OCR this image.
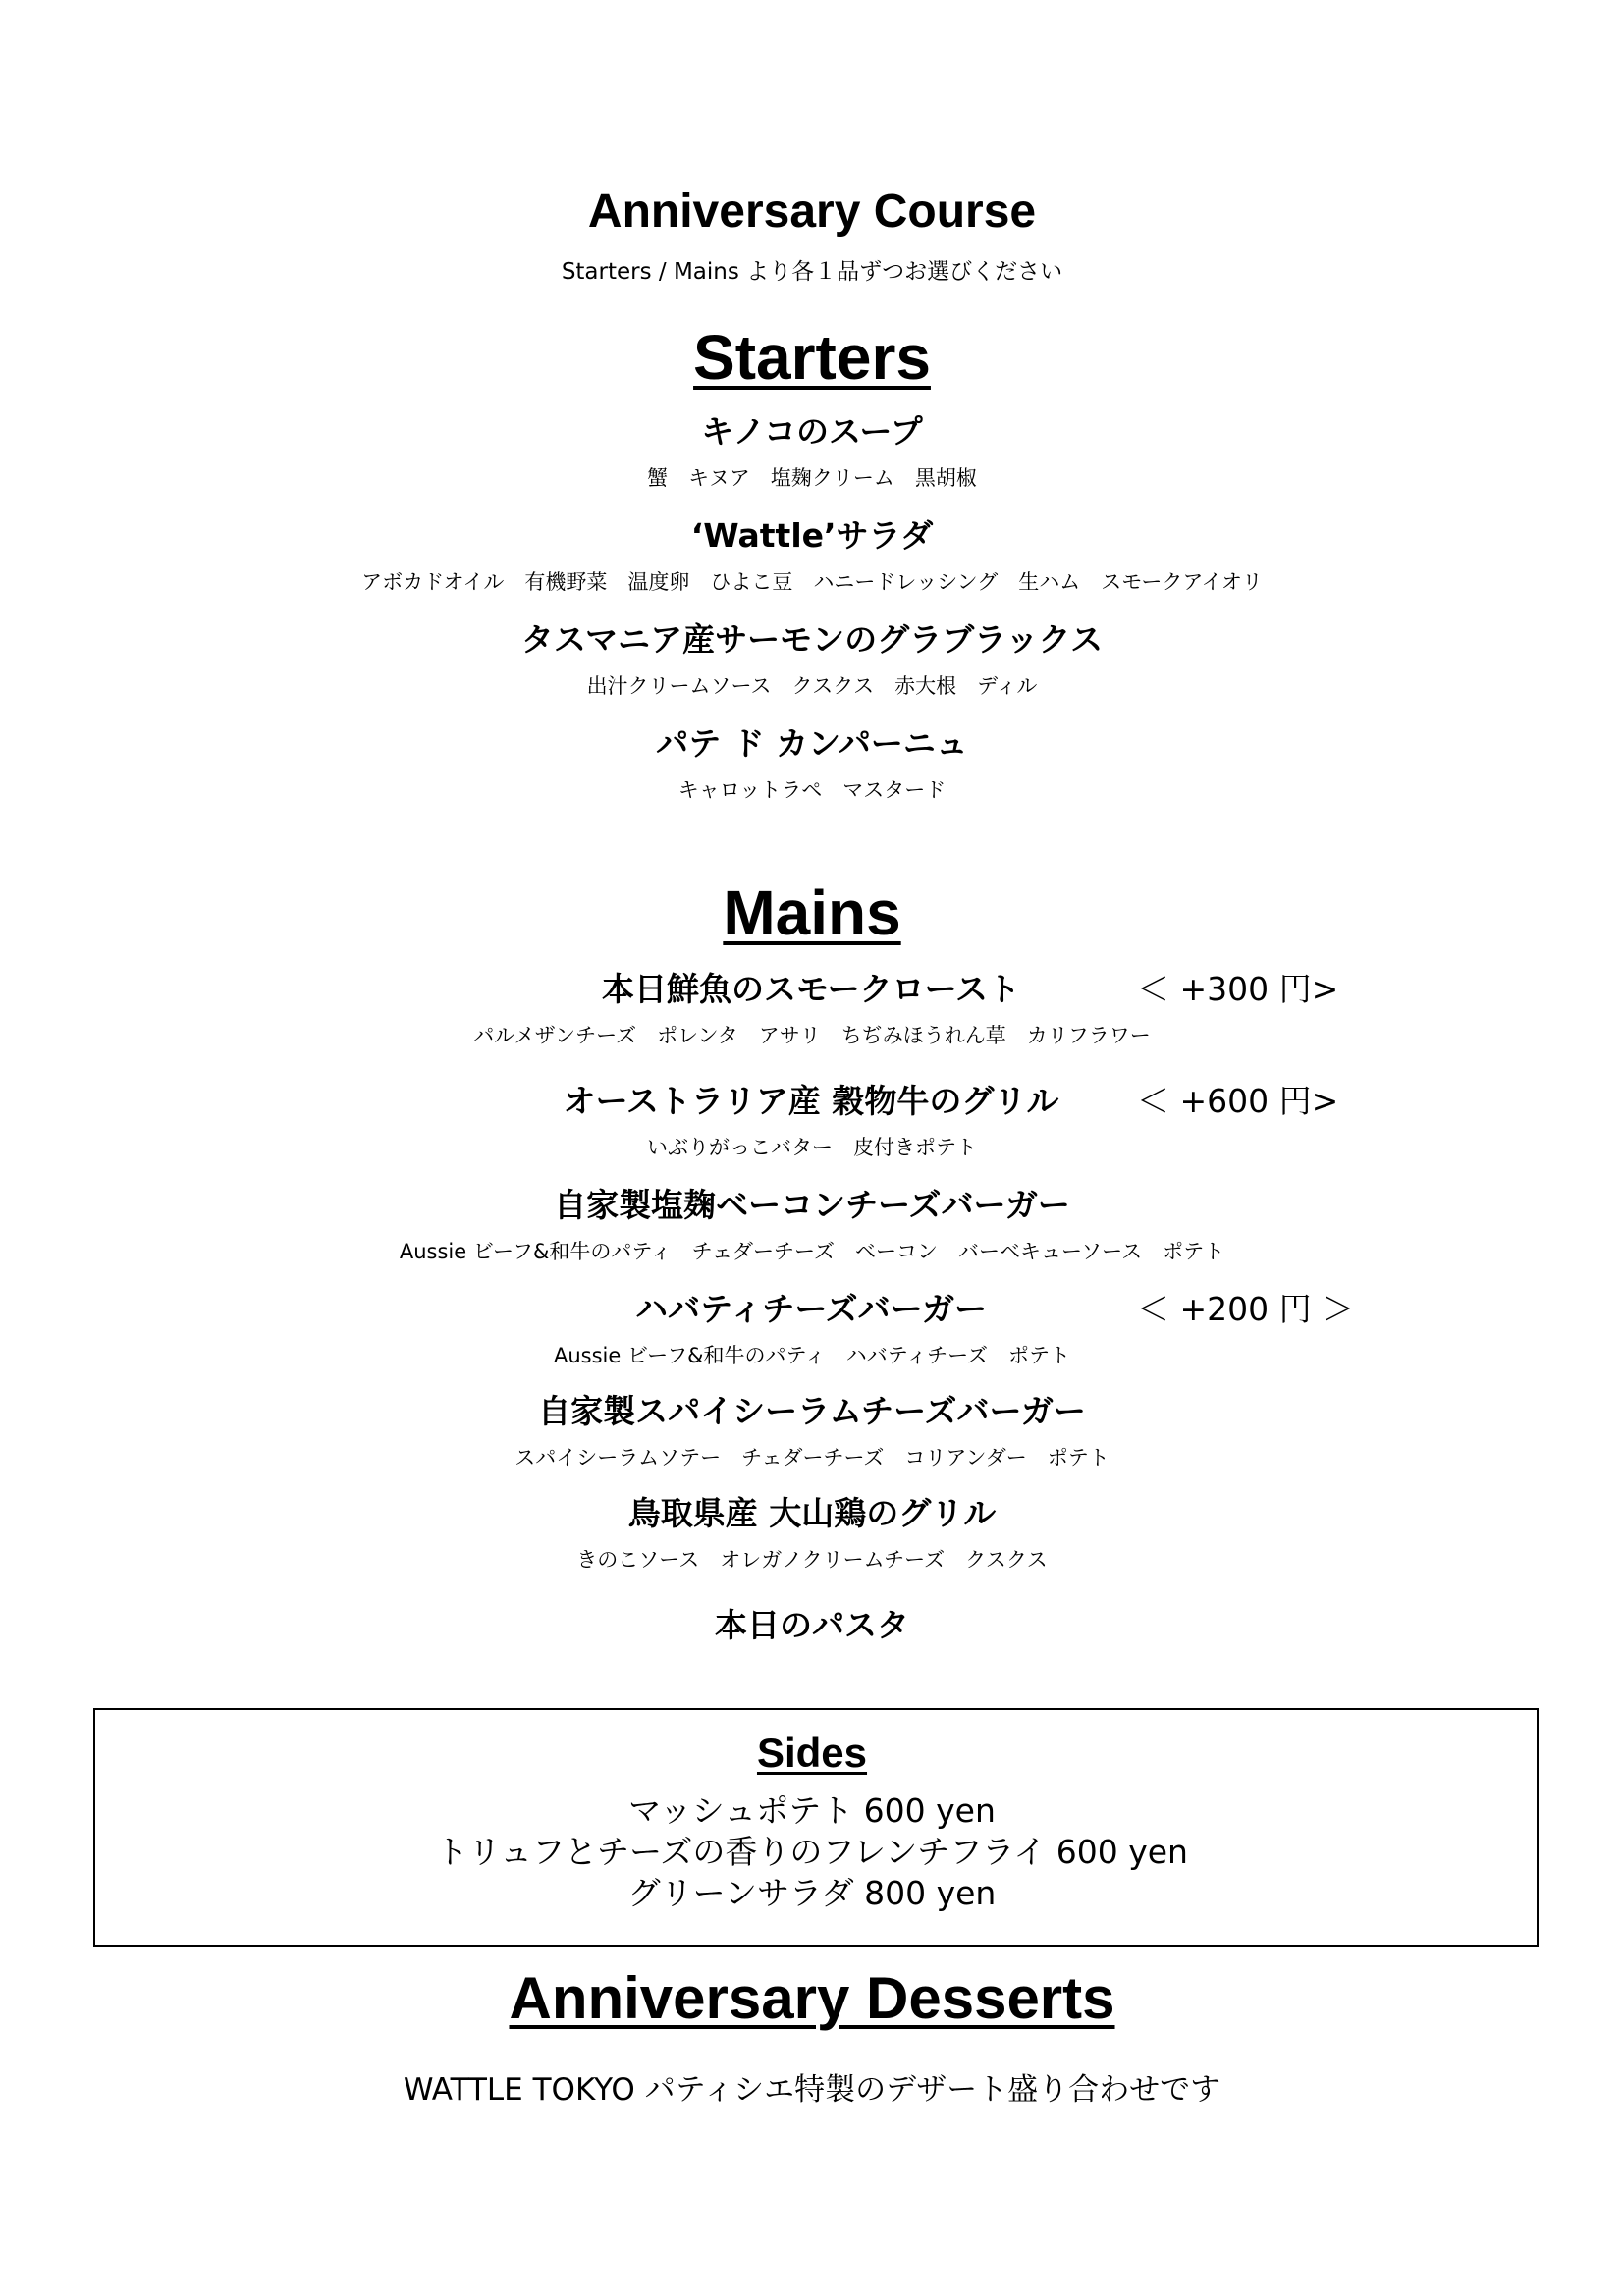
Anniversary Course
Starters / Mains より各１品ずつお選びください
Starters
キノコのスープ
蟹　キヌア　塩麹クリーム　黒胡椒
‘Wattle’サラダ
アボカドオイル　有機野菜　温度卵　ひよこ豆　ハニードレッシング　生ハム　スモークアイオリ
タスマニア産サーモンのグラブラックス
出汁クリームソース　クスクス　赤大根　ディル
パテ ド カンパーニュ
キャロットラペ　マスタード
Mains
本日鮮魚のスモークロースト	＜ +300 円>
パルメザンチーズ　ポレンタ　アサリ　ちぢみほうれん草　カリフラワー
オーストラリア産 穀物牛のグリル	＜ +600 円>
いぶりがっこバター　皮付きポテト
自家製塩麹ベーコンチーズバーガー
Aussie ビーフ&和牛のパティ　チェダーチーズ　ベーコン　バーベキューソース　ポテト
ハバティチーズバーガー	＜ +200 円 ＞
Aussie ビーフ&和牛のパティ　ハバティチーズ　ポテト
自家製スパイシーラムチーズバーガー
スパイシーラムソテー　チェダーチーズ　コリアンダー　ポテト
鳥取県産 大山鶏のグリル
きのこソース　オレガノクリームチーズ　クスクス
本日のパスタ
Sides
マッシュポテト 600 yen
トリュフとチーズの香りのフレンチフライ 600 yen
グリーンサラダ 800 yen
Anniversary Desserts
WATTLE TOKYO パティシエ特製のデザート盛り合わせです
